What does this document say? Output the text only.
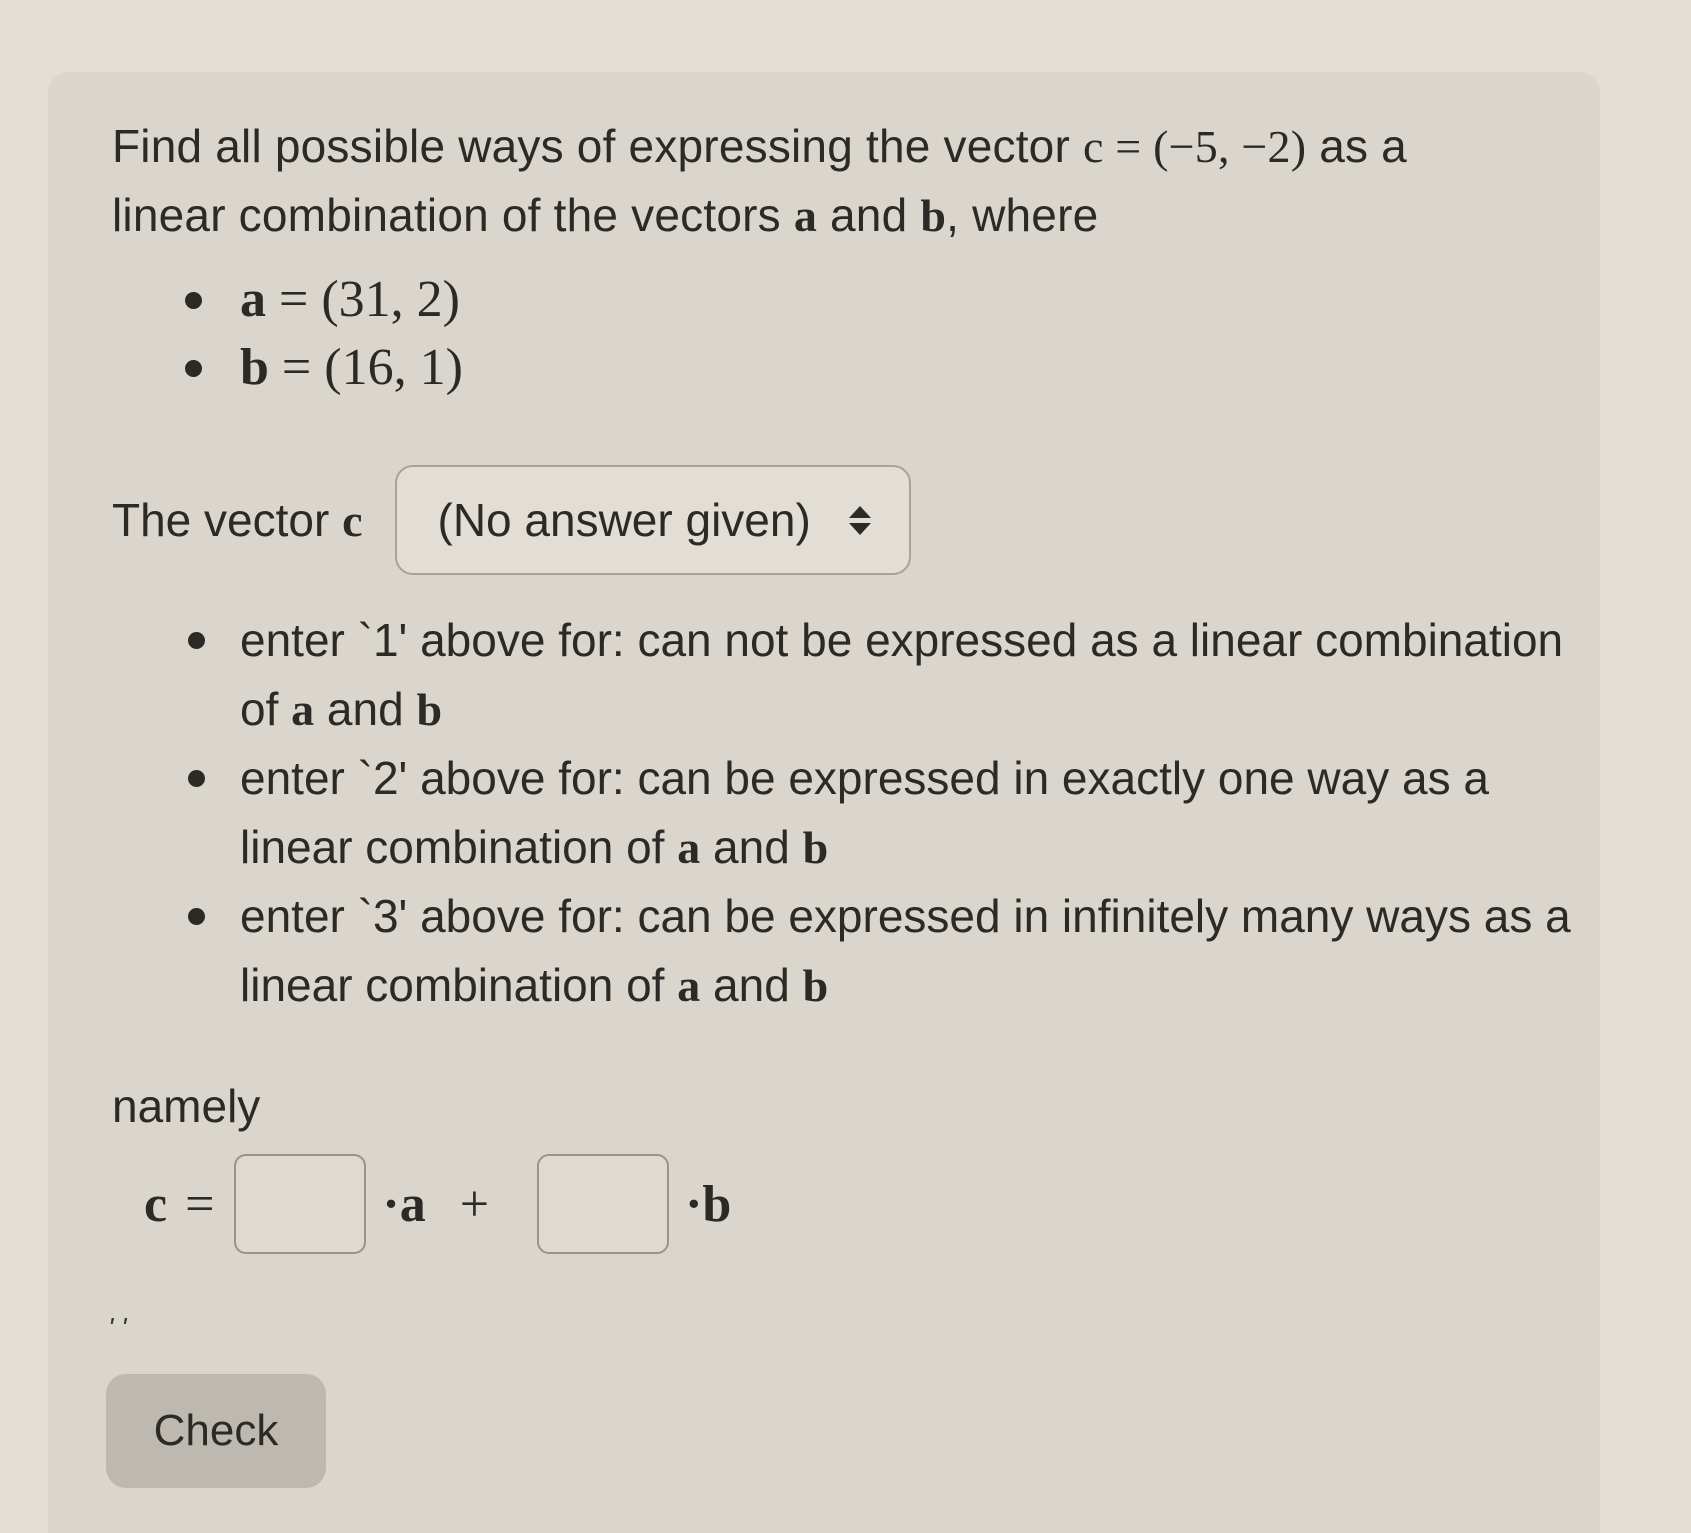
Find all possible ways of expressing the vector c = (−5, −2) as a
linear combination of the vectors a and b, where

a = (31, 2)
b = (16, 1)
The vector c (No answer given)
enter `1' above for: can not be expressed as a linear combination of a and b
enter `2' above for: can be expressed in exactly one way as a linear combination of a and b
enter `3' above for: can be expressed in infinitely many ways as a linear combination of a and b
namely
c =	·a +	·b
' '
Check
